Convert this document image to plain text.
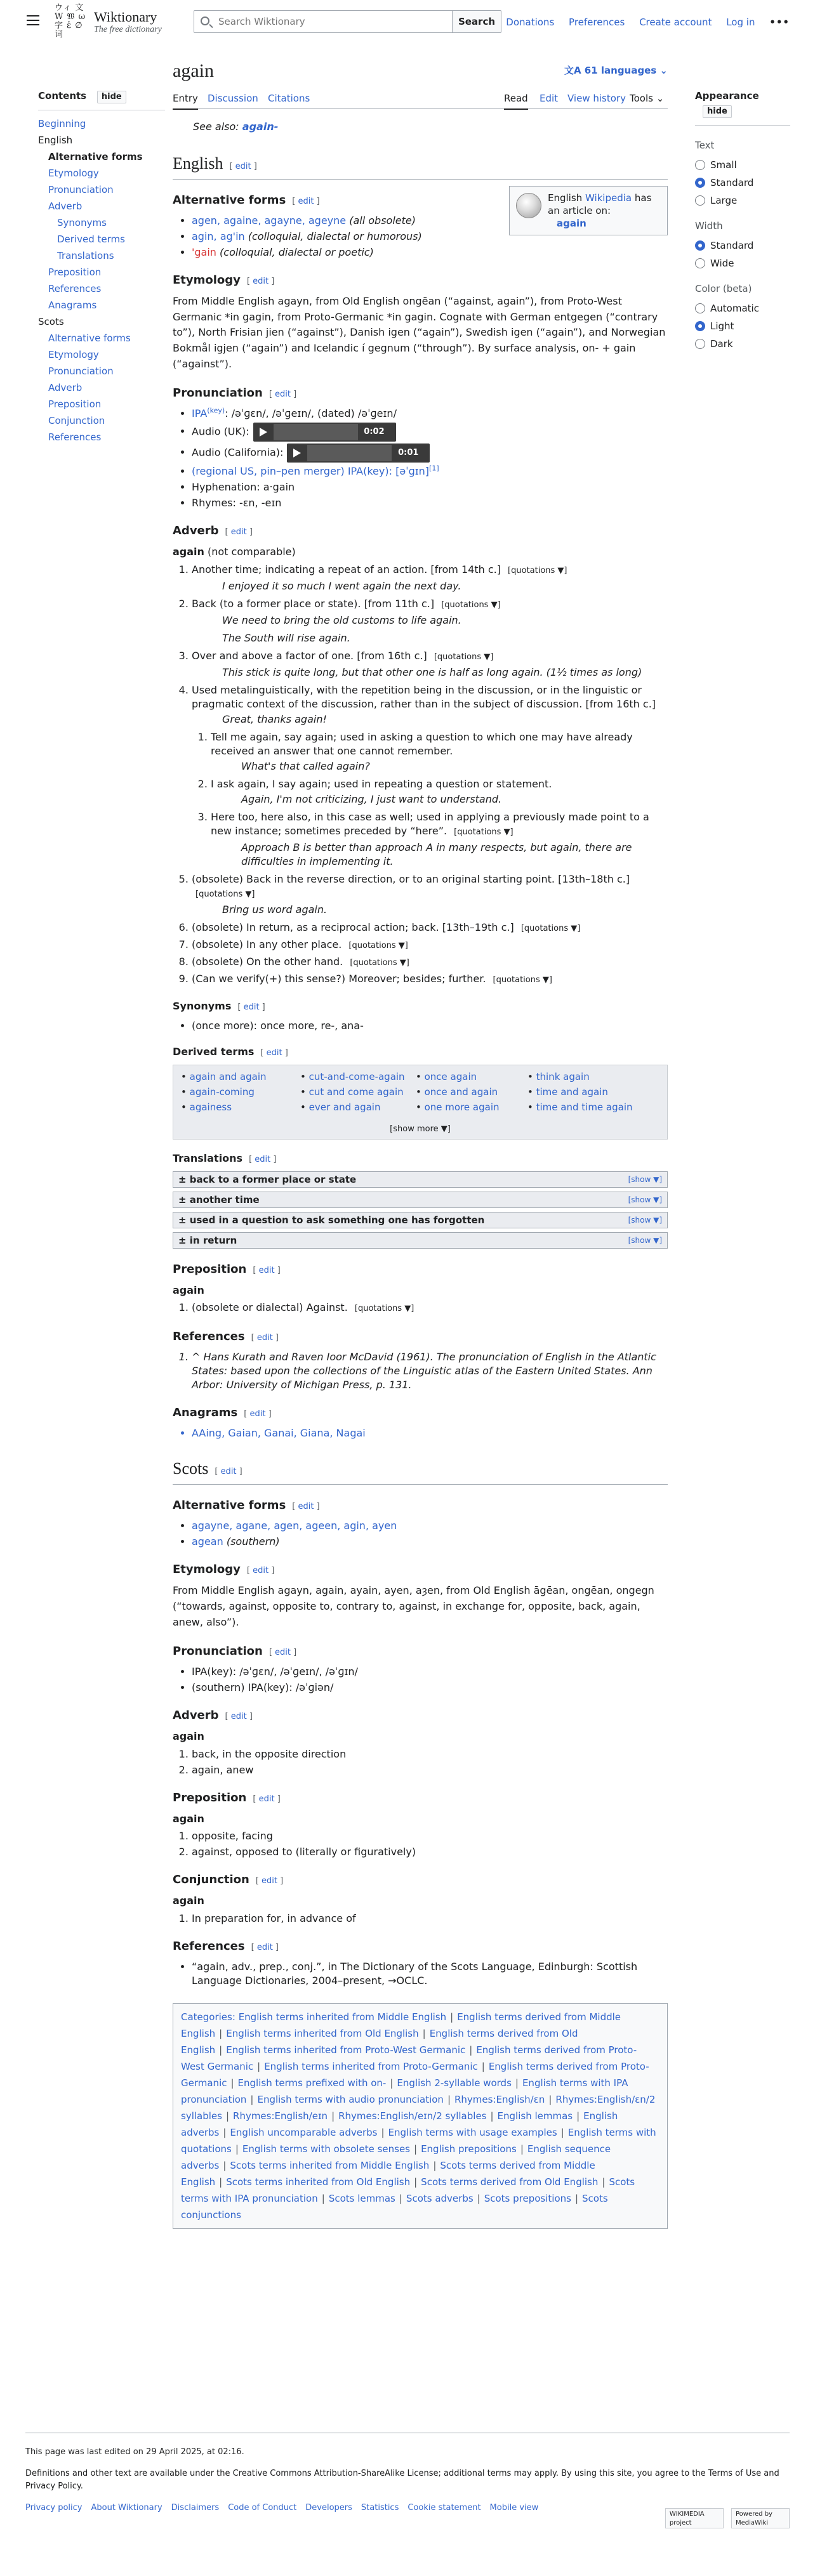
ウィ 文 W 𝔚 ω 字 ἐ ∅ 词
Wiktionary
The free dictionary
Search Wiktionary
Search	Donations Preferences Create account Log in •••
Contents hide
Beginning
English
Alternative forms
Etymology
Pronunciation
Adverb
Synonyms
Derived terms
Translations
Preposition
References
Anagrams
Scots
Alternative forms
Etymology
Pronunciation
Adverb
Preposition
Conjunction
References
Appearance hide
Text
Small
Standard
Large
Width
Standard
Wide
Color (beta)
Automatic
Light
Dark
again	文A 61 languages ⌄
Entry Discussion Citations	Read Edit View history Tools ⌄
See also: again-
English [ edit ]
English Wikipedia has an article on:
again
Alternative forms [ edit ]
• agen, againe, agayne, ageyne (all obsolete)
• agin, ag'in (colloquial, dialectal or humorous)
• 'gain (colloquial, dialectal or poetic)
Etymology [ edit ]

From Middle English agayn, from Old English ongēan (“against, again”), from Proto-West Germanic *in gagin, from Proto-Germanic *in gagin. Cognate with German entgegen (“contrary to”), North Frisian jien (“against”), Danish igen (“again”), Swedish igen (“again”), and Norwegian Bokmål igjen (“again”) and Icelandic í gegnum (“through”). By surface analysis, on- + gain (“against”).

Pronunciation [ edit ]
• $IPA^{(key)}$: /əˈɡɛn/, /əˈɡeɪn/, (dated) /əˈɡeɪn/
• Audio (UK):	0:02
• Audio (California):	0:01
• (regional US, pin–pen merger) IPA(key): [əˈɡɪn][1]
• Hyphenation: a‧gain
• Rhymes: -ɛn, -eɪn
Adverb [ edit ]

again (not comparable)

1. Another time; indicating a repeat of an action. [from 14th c.] [quotations ▼]
I enjoyed it so much I went again the next day.
2. Back (to a former place or state). [from 11th c.] [quotations ▼]
We need to bring the old customs to life again.
The South will rise again.
3. Over and above a factor of one. [from 16th c.] [quotations ▼]
This stick is quite long, but that other one is half as long again. (1½ times as long)
4. Used metalinguistically, with the repetition being in the discussion, or in the linguistic or pragmatic context of the discussion, rather than in the subject of discussion. [from 16th c.]
Great, thanks again!
1. Tell me again, say again; used in asking a question to which one may have already received an answer that one cannot remember.
What's that called again?
2. I ask again, I say again; used in repeating a question or statement.
Again, I'm not criticizing, I just want to understand.
3. Here too, here also, in this case as well; used in applying a previously made point to a new instance; sometimes preceded by “here”. [quotations ▼]
Approach B is better than approach A in many respects, but again, there are difficulties in implementing it.
5. (obsolete) Back in the reverse direction, or to an original starting point. [13th–18th c.] [quotations ▼]
Bring us word again.
6. (obsolete) In return, as a reciprocal action; back. [13th–19th c.] [quotations ▼]
7. (obsolete) In any other place. [quotations ▼]
8. (obsolete) On the other hand. [quotations ▼]
9. (Can we verify(+) this sense?) Moreover; besides; further. [quotations ▼]
Synonyms [ edit ]
• (once more): once more, re-, ana-
Derived terms [ edit ]
[show more ▼]
• again and again
• again-coming
• againess
• cut-and-come-again
• cut and come again
• ever and again
• once again
• once and again
• one more again
• think again
• time and again
• time and time again
Translations [ edit ]
± back to a former place or state	[show ▼]
± another time	[show ▼]
± used in a question to ask something one has forgotten	[show ▼]
± in return	[show ▼]
Preposition [ edit ]

again

1. (obsolete or dialectal) Against. [quotations ▼]
References [ edit ]
1. ^ Hans Kurath and Raven Ioor McDavid (1961). The pronunciation of English in the Atlantic States: based upon the collections of the Linguistic atlas of the Eastern United States. Ann Arbor: University of Michigan Press, p. 131.
Anagrams [ edit ]
• AAing, Gaian, Ganai, Giana, Nagai
Scots [ edit ]
Alternative forms [ edit ]
• agayne, agane, agen, ageen, agin, ayen
• agean (southern)
Etymology [ edit ]

From Middle English agayn, again, ayain, ayen, aȝen, from Old English āgēan, ongēan, ongegn (“towards, against, opposite to, contrary to, against, in exchange for, opposite, back, again, anew, also”).

Pronunciation [ edit ]
• IPA(key): /əˈɡɛn/, /əˈɡeɪn/, /əˈɡɪn/
• (southern) IPA(key): /əˈɡiən/
Adverb [ edit ]

again

1. back, in the opposite direction
2. again, anew
Preposition [ edit ]

again

1. opposite, facing
2. against, opposed to (literally or figuratively)
Conjunction [ edit ]

again

1. In preparation for, in advance of
References [ edit ]
• “again, adv., prep., conj.”, in The Dictionary of the Scots Language, Edinburgh: Scottish Language Dictionaries, 2004–present, →OCLC.
Categories: English terms inherited from Middle English | English terms derived from Middle English | English terms inherited from Old English | English terms derived from Old English | English terms inherited from Proto-West Germanic | English terms derived from Proto-West Germanic | English terms inherited from Proto-Germanic | English terms derived from Proto-Germanic | English terms prefixed with on- | English 2-syllable words | English terms with IPA pronunciation | English terms with audio pronunciation | Rhymes:English/ɛn | Rhymes:English/ɛn/2 syllables | Rhymes:English/eɪn | Rhymes:English/eɪn/2 syllables | English lemmas | English adverbs | English uncomparable adverbs | English terms with usage examples | English terms with quotations | English terms with obsolete senses | English prepositions | English sequence adverbs | Scots terms inherited from Middle English | Scots terms derived from Middle English | Scots terms inherited from Old English | Scots terms derived from Old English | Scots terms with IPA pronunciation | Scots lemmas | Scots adverbs | Scots prepositions | Scots conjunctions

This page was last edited on 29 April 2025, at 02:16.

Definitions and other text are available under the Creative Commons Attribution-ShareAlike License; additional terms may apply. By using this site, you agree to the Terms of Use and Privacy Policy.

Privacy policy About Wiktionary Disclaimers Code of Conduct Developers Statistics Cookie statement Mobile view
WIKIMEDIA project Powered by MediaWiki
